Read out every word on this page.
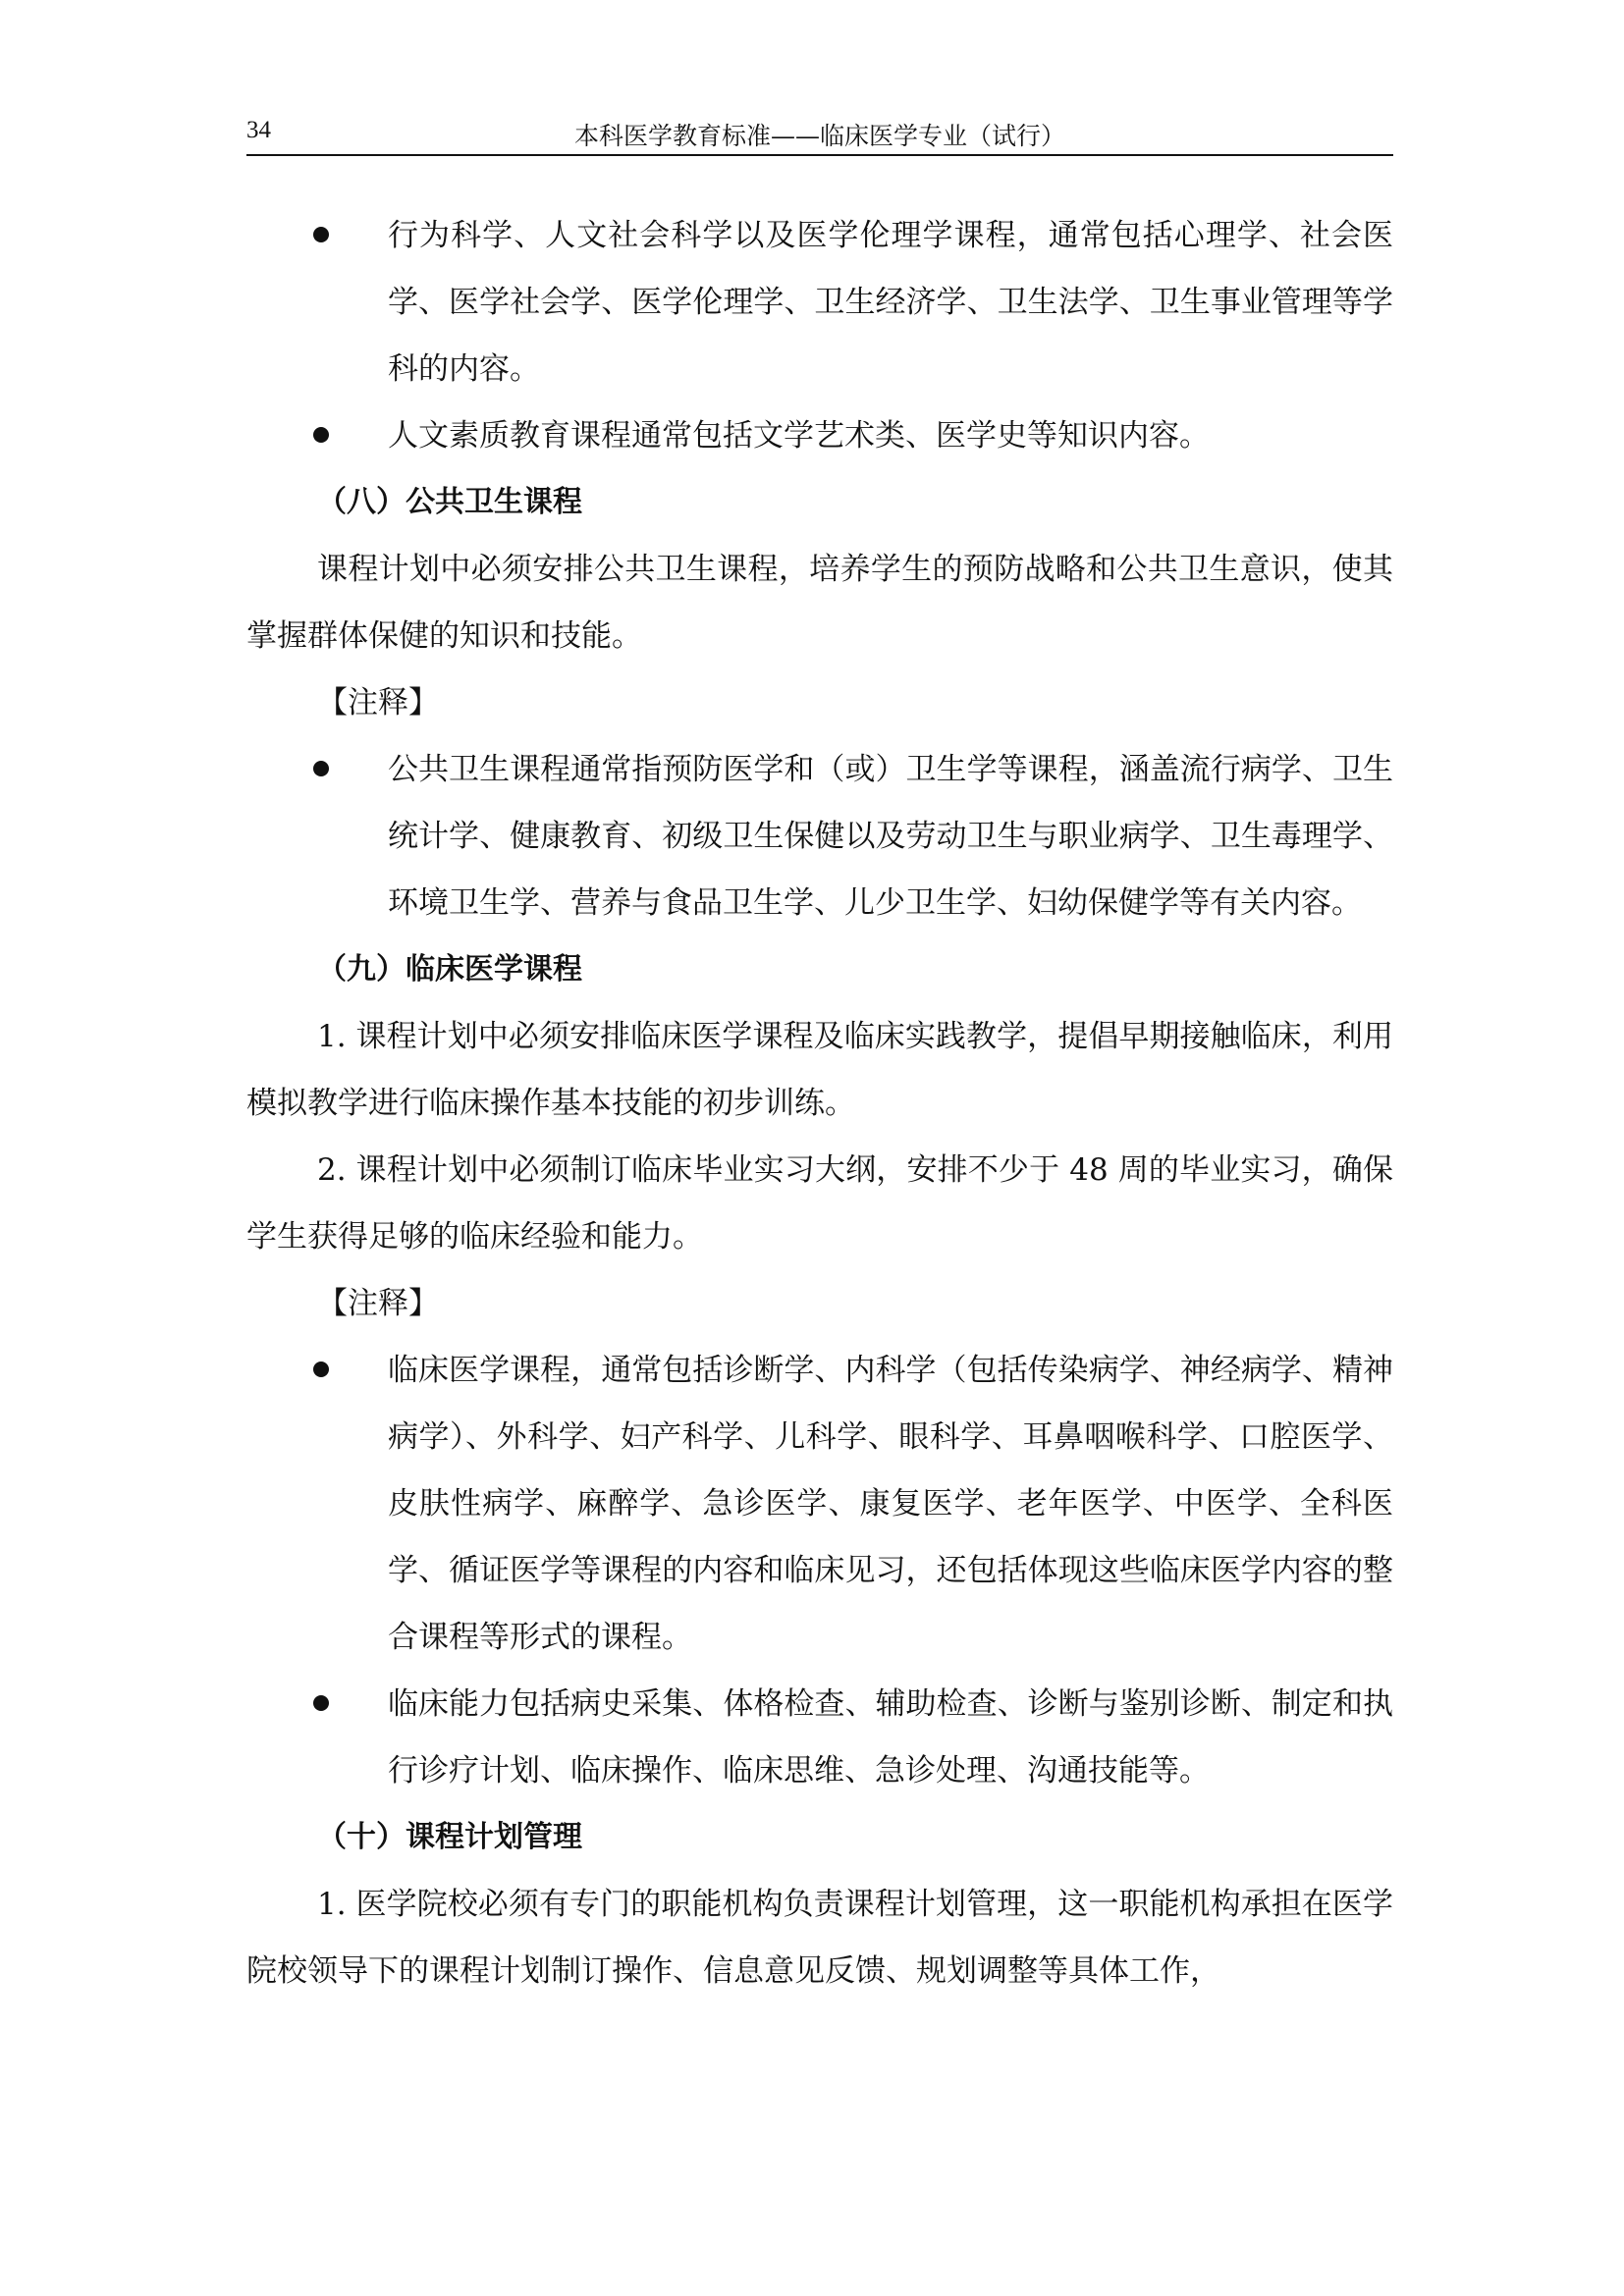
34	本科医学教育标准——临床医学专业（试行）
行为科学、人文社会科学以及医学伦理学课程，通常包括心理学、社会医学、医学社会学、医学伦理学、卫生经济学、卫生法学、卫生事业管理等学科的内容。
人文素质教育课程通常包括文学艺术类、医学史等知识内容。
（八）公共卫生课程
课程计划中必须安排公共卫生课程，培养学生的预防战略和公共卫生意识，使其掌握群体保健的知识和技能。
【注释】
公共卫生课程通常指预防医学和（或）卫生学等课程，涵盖流行病学、卫生统计学、健康教育、初级卫生保健以及劳动卫生与职业病学、卫生毒理学、环境卫生学、营养与食品卫生学、儿少卫生学、妇幼保健学等有关内容。
（九）临床医学课程
1. 课程计划中必须安排临床医学课程及临床实践教学，提倡早期接触临床，利用模拟教学进行临床操作基本技能的初步训练。
2. 课程计划中必须制订临床毕业实习大纲，安排不少于 48 周的毕业实习，确保学生获得足够的临床经验和能力。
【注释】
临床医学课程，通常包括诊断学、内科学（包括传染病学、神经病学、精神病学）、外科学、妇产科学、儿科学、眼科学、耳鼻咽喉科学、口腔医学、皮肤性病学、麻醉学、急诊医学、康复医学、老年医学、中医学、全科医学、循证医学等课程的内容和临床见习，还包括体现这些临床医学内容的整合课程等形式的课程。
临床能力包括病史采集、体格检查、辅助检查、诊断与鉴别诊断、制定和执行诊疗计划、临床操作、临床思维、急诊处理、沟通技能等。
（十）课程计划管理
1. 医学院校必须有专门的职能机构负责课程计划管理，这一职能机构承担在医学院校领导下的课程计划制订操作、信息意见反馈、规划调整等具体工作，
